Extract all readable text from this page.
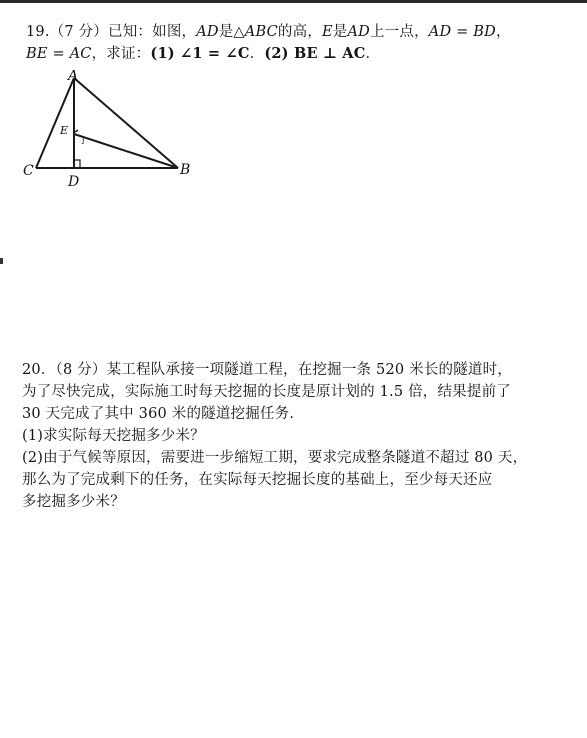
19.（7 分）已知：如图，AD是△ABC的高，E是AD上一点，AD = BD，
BE = AC，求证：(1) ∠1 = ∠C．(2) BE ⊥ AC．
A
B
C
D
E
1
20．（8 分）某工程队承接一项隧道工程，在挖掘一条 520 米长的隧道时，
为了尽快完成，实际施工时每天挖掘的长度是原计划的 1.5 倍，结果提前了
30 天完成了其中 360 米的隧道挖掘任务．
(1)求实际每天挖掘多少米？
(2)由于气候等原因，需要进一步缩短工期，要求完成整条隧道不超过 80 天，
那么为了完成剩下的任务，在实际每天挖掘长度的基础上，至少每天还应
多挖掘多少米？
